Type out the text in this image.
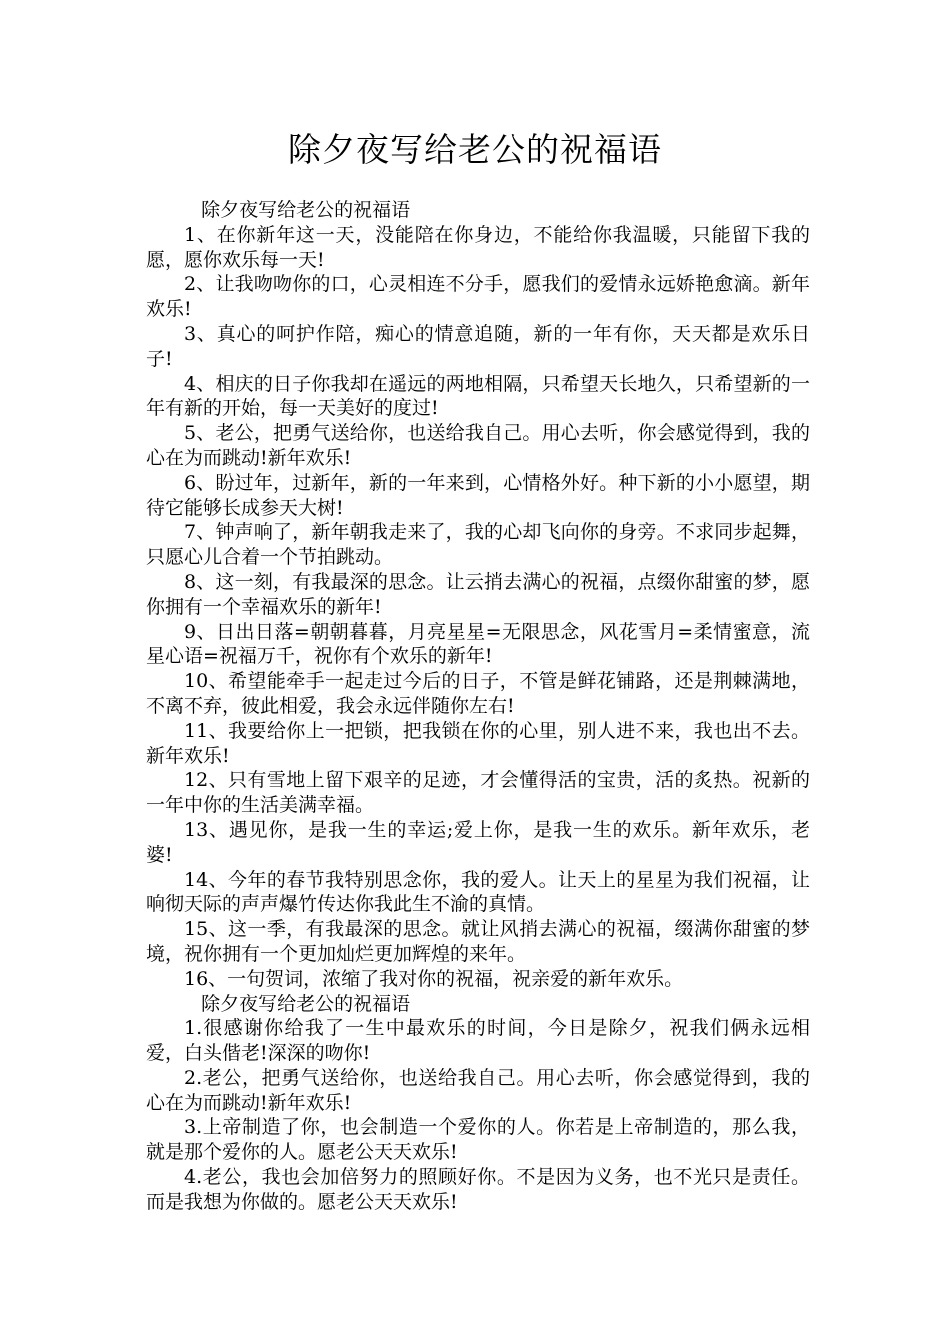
除夕夜写给老公的祝福语

除夕夜写给老公的祝福语

1、在你新年这一天，没能陪在你身边，不能给你我温暖，只能留下我的愿，愿你欢乐每一天!

2、让我吻吻你的口，心灵相连不分手，愿我们的爱情永远娇艳愈滴。新年欢乐!

3、真心的呵护作陪，痴心的情意追随，新的一年有你，天天都是欢乐日子!

4、相庆的日子你我却在遥远的两地相隔，只希望天长地久，只希望新的一年有新的开始，每一天美好的度过!

5、老公，把勇气送给你，也送给我自己。用心去听，你会感觉得到，我的心在为而跳动!新年欢乐!

6、盼过年，过新年，新的一年来到，心情格外好。种下新的小小愿望，期待它能够长成参天大树!

7、钟声响了，新年朝我走来了，我的心却飞向你的身旁。不求同步起舞，只愿心儿合着一个节拍跳动。

8、这一刻，有我最深的思念。让云捎去满心的祝福，点缀你甜蜜的梦，愿你拥有一个幸福欢乐的新年!

9、日出日落=朝朝暮暮，月亮星星=无限思念，风花雪月=柔情蜜意，流星心语=祝福万千，祝你有个欢乐的新年!

10、希望能牵手一起走过今后的日子，不管是鲜花铺路，还是荆棘满地，不离不弃，彼此相爱，我会永远伴随你左右!

11、我要给你上一把锁，把我锁在你的心里，别人进不来，我也出不去。新年欢乐!

12、只有雪地上留下艰辛的足迹，才会懂得活的宝贵，活的炙热。祝新的一年中你的生活美满幸福。

13、遇见你，是我一生的幸运;爱上你，是我一生的欢乐。新年欢乐，老婆!

14、今年的春节我特别思念你，我的爱人。让天上的星星为我们祝福，让响彻天际的声声爆竹传达你我此生不渝的真情。

15、这一季，有我最深的思念。就让风捎去满心的祝福，缀满你甜蜜的梦境，祝你拥有一个更加灿烂更加辉煌的来年。

16、一句贺词，浓缩了我对你的祝福，祝亲爱的新年欢乐。

除夕夜写给老公的祝福语

1.很感谢你给我了一生中最欢乐的时间，今日是除夕，祝我们俩永远相爱，白头偕老!深深的吻你!

2.老公，把勇气送给你，也送给我自己。用心去听，你会感觉得到，我的心在为而跳动!新年欢乐!

3.上帝制造了你，也会制造一个爱你的人。你若是上帝制造的，那么我，就是那个爱你的人。愿老公天天欢乐!

4.老公，我也会加倍努力的照顾好你。不是因为义务，也不光只是责任。而是我想为你做的。愿老公天天欢乐!
